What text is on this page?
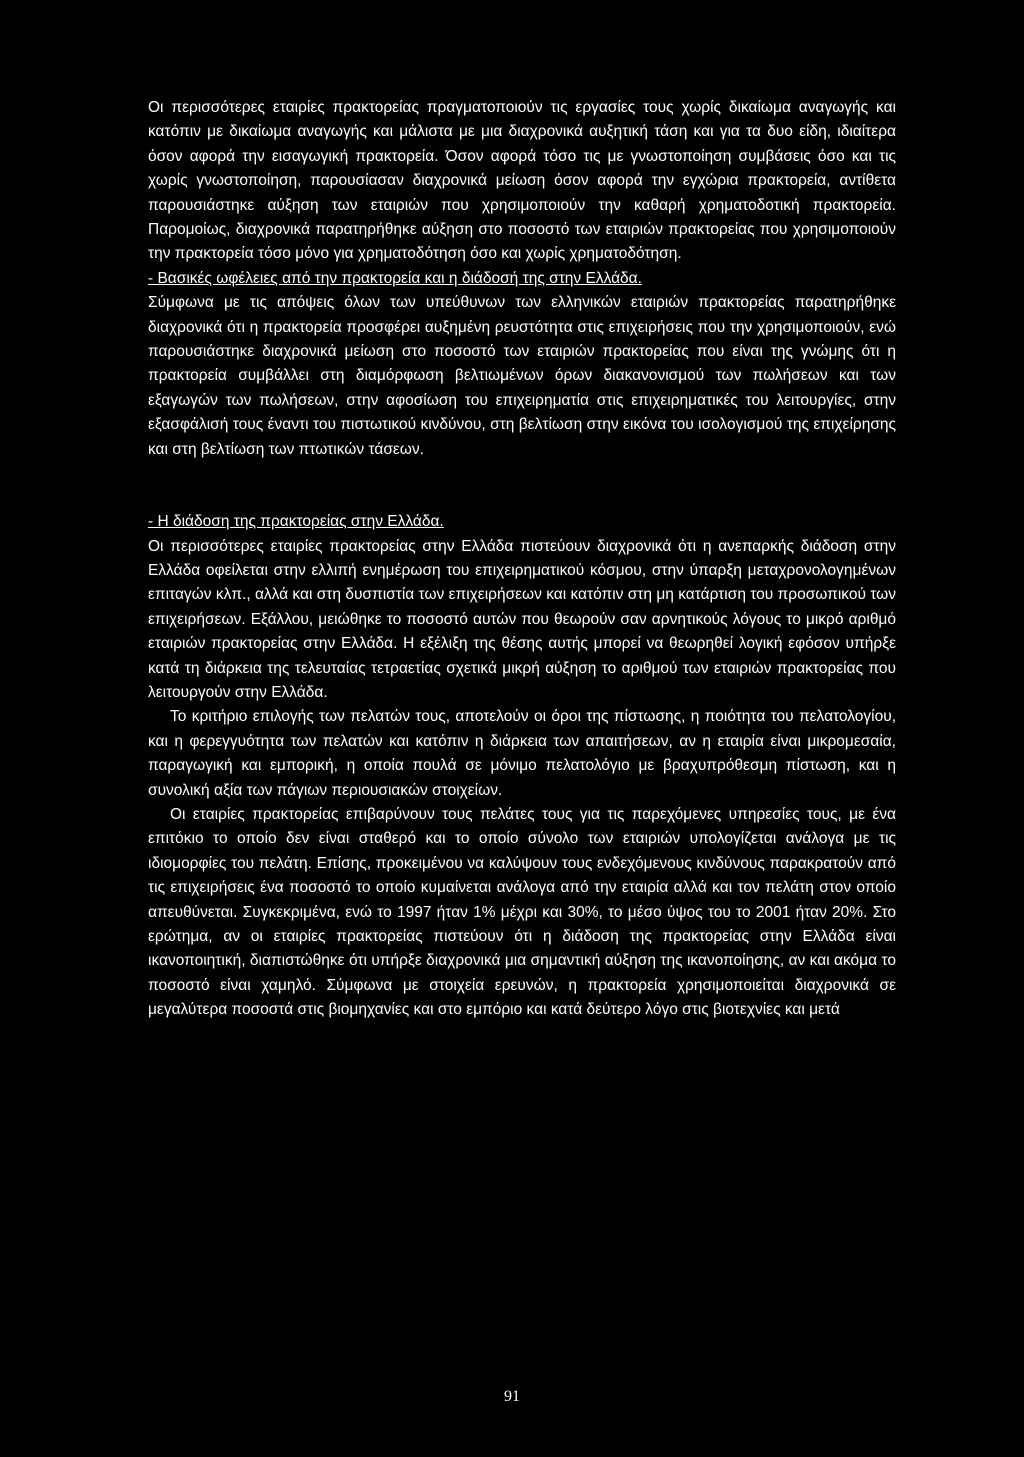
Οι περισσότερες εταιρίες πρακτορείας πραγματοποιούν τις εργασίες τους χωρίς δικαίωμα αναγωγής και κατόπιν με δικαίωμα αναγωγής και μάλιστα με μια διαχρονικά αυξητική τάση και για τα δυο είδη, ιδιαίτερα όσον αφορά την εισαγωγική πρακτορεία. Όσον αφορά τόσο τις με γνωστοποίηση συμβάσεις όσο και τις χωρίς γνωστοποίηση, παρουσίασαν διαχρονικά μείωση όσον αφορά την εγχώρια πρακτορεία, αντίθετα παρουσιάστηκε αύξηση των εταιριών που χρησιμοποιούν την καθαρή χρηματοδοτική πρακτορεία. Παρομοίως, διαχρονικά παρατηρήθηκε αύξηση στο ποσοστό των εταιριών πρακτορείας που χρησιμοποιούν την πρακτορεία τόσο μόνο για χρηματοδότηση όσο και χωρίς χρηματοδότηση.

- Βασικές ωφέλειες από την πρακτορεία και η διάδοσή της στην Ελλάδα.

Σύμφωνα με τις απόψεις όλων των υπεύθυνων των ελληνικών εταιριών πρακτορείας παρατηρήθηκε διαχρονικά ότι η πρακτορεία προσφέρει αυξημένη ρευστότητα στις επιχειρήσεις που την χρησιμοποιούν, ενώ παρουσιάστηκε διαχρονικά μείωση στο ποσοστό των εταιριών πρακτορείας που είναι της γνώμης ότι η πρακτορεία συμβάλλει στη διαμόρφωση βελτιωμένων όρων διακανονισμού των πωλήσεων και των εξαγωγών των πωλήσεων, στην αφοσίωση του επιχειρηματία στις επιχειρηματικές του λειτουργίες, στην εξασφάλισή τους έναντι του πιστωτικού κινδύνου, στη βελτίωση στην εικόνα του ισολογισμού της επιχείρησης και στη βελτίωση των πτωτικών τάσεων.

- Η διάδοση της πρακτορείας στην Ελλάδα.

Οι περισσότερες εταιρίες πρακτορείας στην Ελλάδα πιστεύουν διαχρονικά ότι η ανεπαρκής διάδοση στην Ελλάδα οφείλεται στην ελλιπή ενημέρωση του επιχειρηματικού κόσμου, στην ύπαρξη μεταχρονολογημένων επιταγών κλπ., αλλά και στη δυσπιστία των επιχειρήσεων και κατόπιν στη μη κατάρτιση του προσωπικού των επιχειρήσεων. Εξάλλου, μειώθηκε το ποσοστό αυτών που θεωρούν σαν αρνητικούς λόγους το μικρό αριθμό εταιριών πρακτορείας στην Ελλάδα. Η εξέλιξη της θέσης αυτής μπορεί να θεωρηθεί λογική εφόσον υπήρξε κατά τη διάρκεια της τελευταίας τετραετίας σχετικά μικρή αύξηση το αριθμού των εταιριών πρακτορείας που λειτουργούν στην Ελλάδα.

Το κριτήριο επιλογής των πελατών τους, αποτελούν οι όροι της πίστωσης, η ποιότητα του πελατολογίου, και η φερεγγυότητα των πελατών και κατόπιν η διάρκεια των απαιτήσεων, αν η εταιρία είναι μικρομεσαία, παραγωγική και εμπορική, η οποία πουλά σε μόνιμο πελατολόγιο με βραχυπρόθεσμη πίστωση, και η συνολική αξία των πάγιων περιουσιακών στοιχείων.

Οι εταιρίες πρακτορείας επιβαρύνουν τους πελάτες τους για τις παρεχόμενες υπηρεσίες τους, με ένα επιτόκιο το οποίο δεν είναι σταθερό και το οποίο σύνολο των εταιριών υπολογίζεται ανάλογα με τις ιδιομορφίες του πελάτη. Επίσης, προκειμένου να καλύψουν τους ενδεχόμενους κινδύνους παρακρατούν από τις επιχειρήσεις ένα ποσοστό το οποίο κυμαίνεται ανάλογα από την εταιρία αλλά και τον πελάτη στον οποίο απευθύνεται. Συγκεκριμένα, ενώ το 1997 ήταν 1% μέχρι και 30%, το μέσο ύψος του το 2001 ήταν 20%. Στο ερώτημα, αν οι εταιρίες πρακτορείας πιστεύουν ότι η διάδοση της πρακτορείας στην Ελλάδα είναι ικανοποιητική, διαπιστώθηκε ότι υπήρξε διαχρονικά μια σημαντική αύξηση της ικανοποίησης, αν και ακόμα το ποσοστό είναι χαμηλό. Σύμφωνα με στοιχεία ερευνών, η πρακτορεία χρησιμοποιείται διαχρονικά σε μεγαλύτερα ποσοστά στις βιομηχανίες και στο εμπόριο και κατά δεύτερο λόγο στις βιοτεχνίες και μετά

91
